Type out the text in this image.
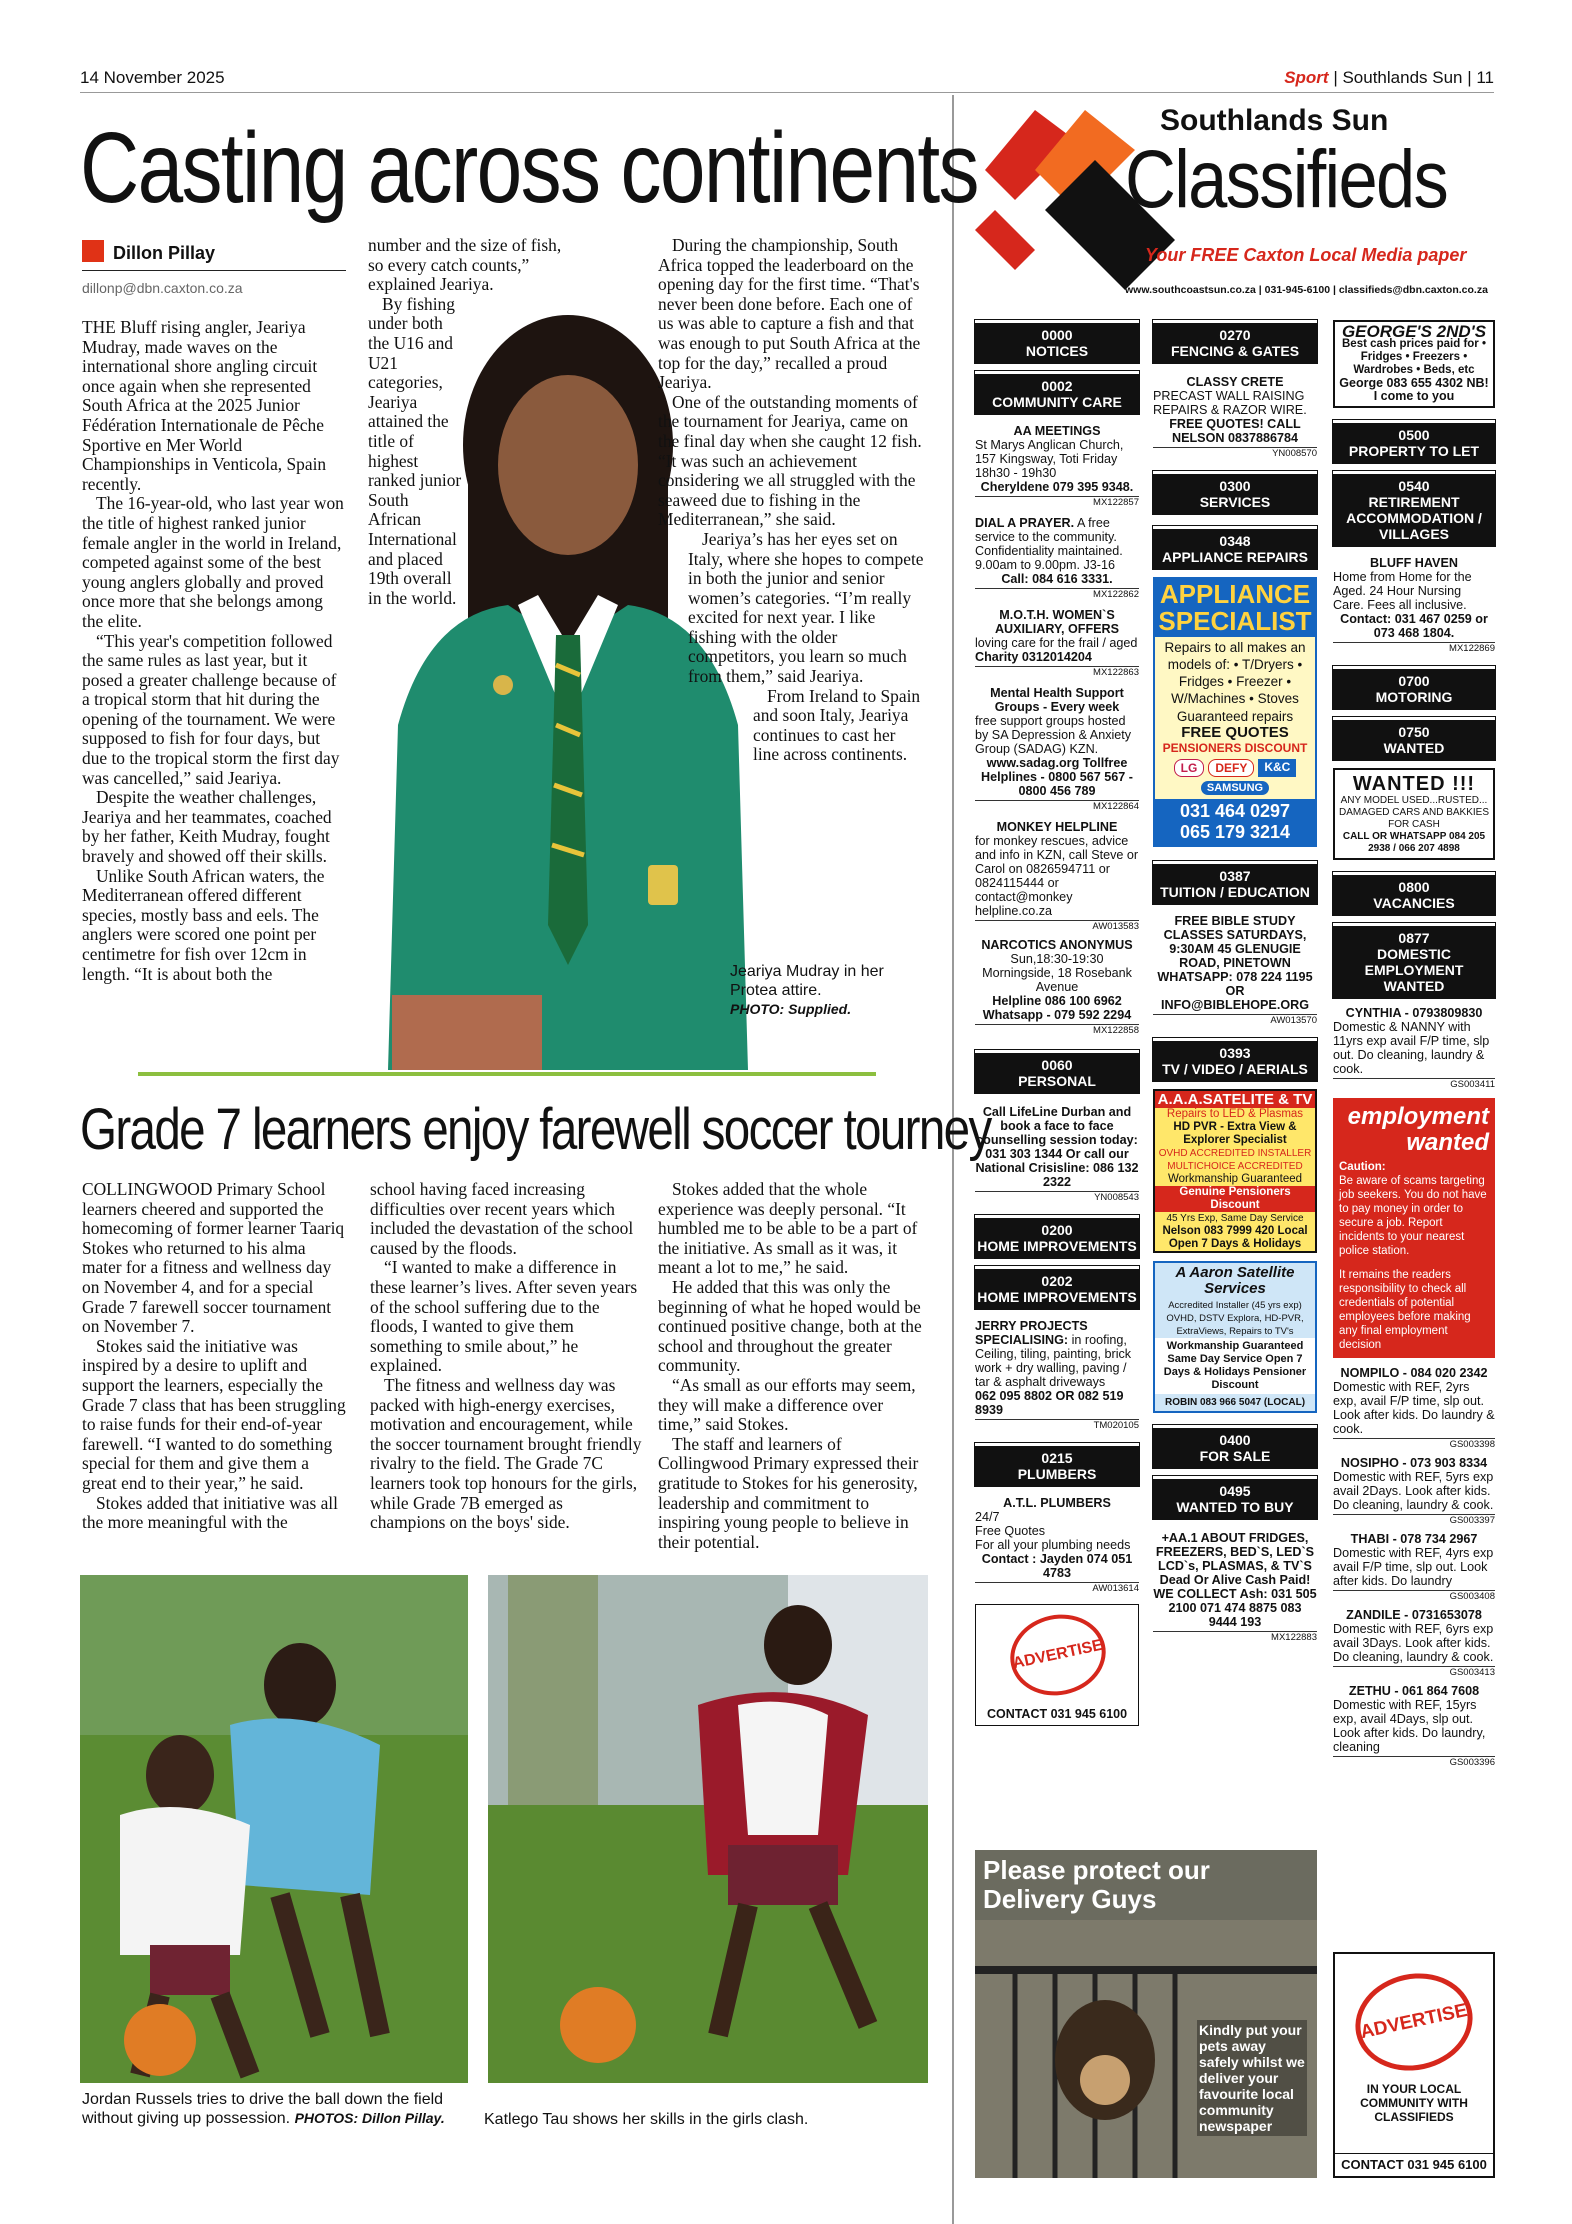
14 November 2025	Sport | Southlands Sun | 11
Casting across continents
Dillon Pillay
dillonp@dbn.caxton.co.za

THE Bluff rising angler, Jeariya Mudray, made waves on the international shore angling circuit once again when she represented South Africa at the 2025 Junior Fédération Internationale de Pêche Sportive en Mer World Championships in Venticola, Spain recently.

The 16-year-old, who last year won the title of highest ranked junior female angler in the world in Ireland, competed against some of the best young anglers globally and proved once more that she belongs among the elite.

“This year's competition followed the same rules as last year, but it posed a greater challenge because of a tropical storm that hit during the opening of the tournament. We were supposed to fish for four days, but due to the tropical storm the first day was cancelled,” said Jeariya.

Despite the weather challenges, Jeariya and her teammates, coached by her father, Keith Mudray, fought bravely and showed off their skills.

Unlike South African waters, the Mediterranean offered different species, mostly bass and eels. The anglers were scored one point per centimetre for fish over 12cm in length. “It is about both the	Jeariya Mudray in her Protea attire.
PHOTO: Supplied.

number and the size of fish, so every catch counts,” explained Jeariya.

By fishing under both the U16 and U21 categories, Jeariya attained the title of highest ranked junior South African International and placed 19th overall in the world.

During the championship, South Africa topped the leaderboard on the opening day for the first time. “That's never been done before. Each one of us was able to capture a fish and that was enough to put South Africa at the top for the day,” recalled a proud Jeariya.

One of the outstanding moments of the tournament for Jeariya, came on the final day when she caught 12 fish. “It was such an achievement considering we all struggled with the seaweed due to fishing in the Mediterranean,” she said.

Jeariya’s has her eyes set on Italy, where she hopes to compete in both the junior and senior women’s categories. “I’m really excited for next year. I like fishing with the older competitors, you learn so much from them,” said Jeariya.

From Ireland to Spain and soon Italy, Jeariya continues to cast her line across continents.

Grade 7 learners enjoy farewell soccer tourney

COLLINGWOOD Primary School learners cheered and supported the homecoming of former learner Taariq Stokes who returned to his alma mater for a fitness and wellness day on November 4, and for a special Grade 7 farewell soccer tournament on November 7.

Stokes said the initiative was inspired by a desire to uplift and support the learners, especially the Grade 7 class that has been struggling to raise funds for their end-of-year farewell. “I wanted to do something special for them and give them a great end to their year,” he said.

Stokes added that initiative was all the more meaningful with the

school having faced increasing difficulties over recent years which included the devastation of the school caused by the floods.

“I wanted to make a difference in these learner’s lives. After seven years of the school suffering due to the floods, I wanted to give them something to smile about,” he explained.

The fitness and wellness day was packed with high-energy exercises, motivation and encouragement, while the soccer tournament brought friendly rivalry to the field. The Grade 7C learners took top honours for the girls, while Grade 7B emerged as champions on the boys' side.

Stokes added that the whole experience was deeply personal. “It humbled me to be able to be a part of the initiative. As small as it was, it meant a lot to me,” he said.

He added that this was only the beginning of what he hoped would be continued positive change, both at the school and throughout the greater community.

“As small as our efforts may seem, they will make a difference over time,” said Stokes.

The staff and learners of Collingwood Primary expressed their gratitude to Stokes for his generosity, leadership and commitment to inspiring young people to believe in their potential.

Jordan Russels tries to drive the ball down the field without giving up possession. PHOTOS: Dillon Pillay.	Katlego Tau shows her skills in the girls clash.
Southlands Sun
Classifieds
Your FREE Caxton Local Media paper
www.southcoastsun.co.za | 031-945-6100 | classifieds@dbn.caxton.co.za
0000
NOTICES
0002
COMMUNITY CARE
AA MEETINGS
St Marys Anglican Church, 157 Kingsway, Toti Friday 18h30 - 19h30
Cheryldene 079 395 9348.
MX122857
DIAL A PRAYER. A free service to the community. Confidentiality maintained. 9.00am to 9.00pm. J3-16
Call: 084 616 3331.
MX122862
M.O.T.H. WOMEN`S AUXILIARY, OFFERS
loving care for the frail / aged Charity 0312014204
MX122863
Mental Health Support Groups - Every week
free support groups hosted by SA Depression & Anxiety Group (SADAG) KZN.
www.sadag.org Tollfree Helplines - 0800 567 567 - 0800 456 789
MX122864
MONKEY HELPLINE
for monkey rescues, advice and info in KZN, call Steve or Carol on 0826594711 or 0824115444 or contact@monkey helpline.co.za
AW013583
NARCOTICS ANONYMUS
Sun,18:30-19:30 Morningside, 18 Rosebank Avenue
Helpline 086 100 6962 Whatsapp - 079 592 2294
MX122858
0060
PERSONAL
Call LifeLine Durban and book a face to face counselling session today: 031 303 1344 Or call our National Crisisline: 086 132 2322
YN008543
0200
HOME IMPROVEMENTS
0202
HOME IMPROVEMENTS
JERRY PROJECTS SPECIALISING: in roofing, Ceiling, tiling, painting, brick work + dry walling, paving / tar & asphalt driveways
062 095 8802 OR 082 519 8939
TM020105
0215
PLUMBERS
A.T.L. PLUMBERS
24/7
Free Quotes
For all your plumbing needs
Contact : Jayden 074 051 4783
AW013614
ADVERTISE
CONTACT 031 945 6100
0270
FENCING & GATES
CLASSY CRETE
PRECAST WALL RAISING REPAIRS & RAZOR WIRE.
FREE QUOTES! CALL NELSON 0837886784
YN008570
0300
SERVICES
0348
APPLIANCE REPAIRS
APPLIANCE SPECIALIST
Repairs to all makes an models of: • T/Dryers • Fridges • Freezer • W/Machines • Stoves
Guaranteed repairs
FREE QUOTES
PENSIONERS DISCOUNT
LG	DEFY	K&C
SAMSUNG
031 464 0297
065 179 3214
0387
TUITION / EDUCATION
FREE BIBLE STUDY CLASSES SATURDAYS, 9:30AM 45 GLENUGIE ROAD, PINETOWN WHATSAPP: 078 224 1195 OR INFO@BIBLEHOPE.ORG
AW013570
0393
TV / VIDEO / AERIALS
A.A.A.SATELITE & TV
Repairs to LED & Plasmas
HD PVR - Extra View & Explorer Specialist
OVHD ACCREDITED INSTALLER MULTICHOICE ACCREDITED
Workmanship Guaranteed
Genuine Pensioners Discount
45 Yrs Exp, Same Day Service
Nelson 083 7999 420 Local
Open 7 Days & Holidays
A Aaron Satellite Services
Accredited Installer (45 yrs exp)
OVHD, DSTV Explora, HD-PVR, ExtraViews, Repairs to TV's
Workmanship Guaranteed Same Day Service Open 7 Days & Holidays Pensioner Discount
ROBIN 083 966 5047 (LOCAL)
0400
FOR SALE
0495
WANTED TO BUY
+AA.1 ABOUT FRIDGES, FREEZERS, BED`S, LED`S LCD`s, PLASMAS, & TV`S Dead Or Alive Cash Paid! WE COLLECT Ash: 031 505 2100 071 474 8875 083 9444 193
MX122883
Please protect our Delivery Guys
Kindly put your pets away safely whilst we deliver your favourite local community newspaper
GEORGE'S 2ND'S
Best cash prices paid for • Fridges • Freezers • Wardrobes • Beds, etc
George 083 655 4302 NB! I come to you
0500
PROPERTY TO LET
0540
RETIREMENT ACCOMMODATION / VILLAGES
BLUFF HAVEN
Home from Home for the Aged. 24 Hour Nursing Care. Fees all inclusive.
Contact: 031 467 0259 or 073 468 1804.
MX122869
0700
MOTORING
0750
WANTED
WANTED !!!
ANY MODEL USED...RUSTED... DAMAGED CARS AND BAKKIES FOR CASH
CALL OR WHATSAPP 084 205 2938 / 066 207 4898
0800
VACANCIES
0877
DOMESTIC EMPLOYMENT WANTED
CYNTHIA - 0793809830
Domestic & NANNY with 11yrs exp avail F/P time, slp out. Do cleaning, laundry & cook.
GS003411
employment wanted
Caution:
Be aware of scams targeting job seekers. You do not have to pay money in order to secure a job. Report incidents to your nearest police station.
It remains the readers responsibility to check all credentials of potential employees before making any final employment decision
NOMPILO - 084 020 2342
Domestic with REF, 2yrs exp, avail F/P time, slp out. Look after kids. Do laundry & cook.
GS003398
NOSIPHO - 073 903 8334
Domestic with REF, 5yrs exp avail 2Days. Look after kids. Do cleaning, laundry & cook.
GS003397
THABI - 078 734 2967
Domestic with REF, 4yrs exp avail F/P time, slp out. Look after kids. Do laundry
GS003408
ZANDILE - 0731653078
Domestic with REF, 6yrs exp avail 3Days. Look after kids. Do cleaning, laundry & cook.
GS003413
ZETHU - 061 864 7608
Domestic with REF, 15yrs exp, avail 4Days, slp out. Look after kids. Do laundry, cleaning
GS003396
ADVERTISE
IN YOUR LOCAL COMMUNITY WITH CLASSIFIEDS
CONTACT 031 945 6100
